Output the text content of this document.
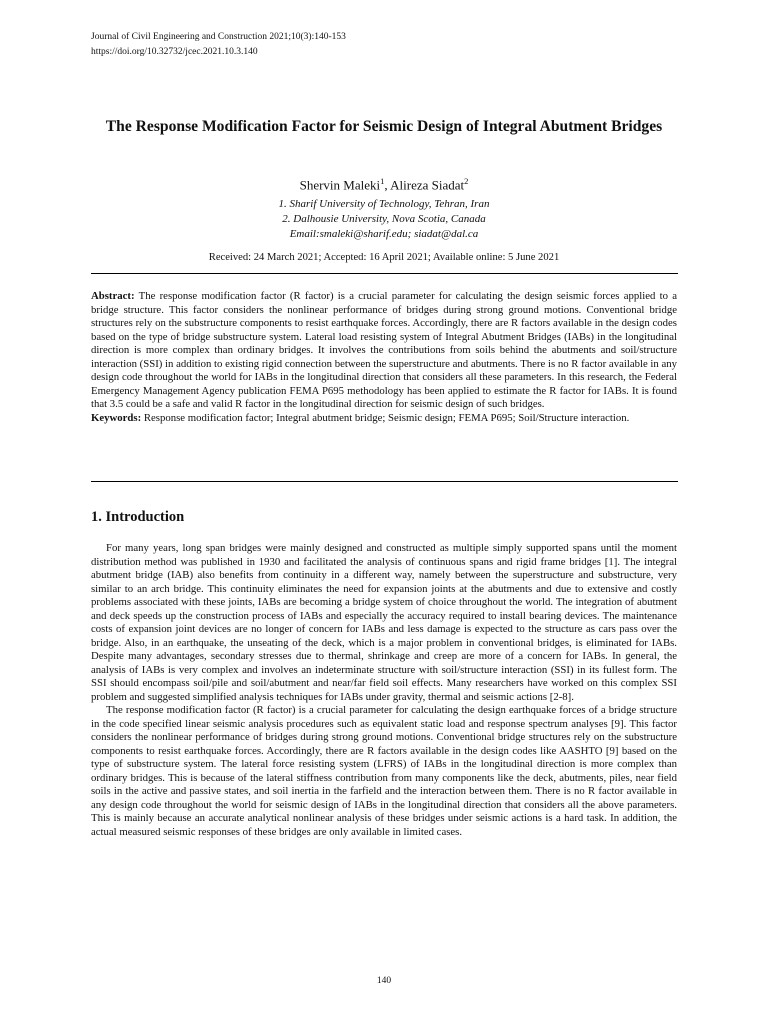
Journal of Civil Engineering and Construction 2021;10(3):140-153
https://doi.org/10.32732/jcec.2021.10.3.140
The Response Modification Factor for Seismic Design of Integral Abutment Bridges
Shervin Maleki$^1$, Alireza Siadat$^2$
1. Sharif University of Technology, Tehran, Iran
2. Dalhousie University, Nova Scotia, Canada
Email:smaleki@sharif.edu; siadat@dal.ca
Received: 24 March 2021; Accepted: 16 April 2021; Available online: 5 June 2021

Abstract: The response modification factor (R factor) is a crucial parameter for calculating the design seismic forces applied to a bridge structure. This factor considers the nonlinear performance of bridges during strong ground motions. Conventional bridge structures rely on the substructure components to resist earthquake forces. Accordingly, there are R factors available in the design codes based on the type of bridge substructure system. Lateral load resisting system of Integral Abutment Bridges (IABs) in the longitudinal direction is more complex than ordinary bridges. It involves the contributions from soils behind the abutments and soil/structure interaction (SSI) in addition to existing rigid connection between the superstructure and abutments. There is no R factor available in any design code throughout the world for IABs in the longitudinal direction that considers all these parameters. In this research, the Federal Emergency Management Agency publication FEMA P695 methodology has been applied to estimate the R factor for IABs. It is found that 3.5 could be a safe and valid R factor in the longitudinal direction for seismic design of such bridges.

Keywords: Response modification factor; Integral abutment bridge; Seismic design; FEMA P695; Soil/Structure interaction.

1. Introduction

For many years, long span bridges were mainly designed and constructed as multiple simply supported spans until the moment distribution method was published in 1930 and facilitated the analysis of continuous spans and rigid frame bridges [1]. The integral abutment bridge (IAB) also benefits from continuity in a different way, namely between the superstructure and substructure, very similar to an arch bridge. This continuity eliminates the need for expansion joints at the abutments and due to extensive and costly problems associated with these joints, IABs are becoming a bridge system of choice throughout the world. The integration of abutment and deck speeds up the construction process of IABs and especially the accuracy required to install bearing devices. The maintenance costs of expansion joint devices are no longer of concern for IABs and less damage is expected to the structure as cars pass over the bridge. Also, in an earthquake, the unseating of the deck, which is a major problem in conventional bridges, is eliminated for IABs. Despite many advantages, secondary stresses due to thermal, shrinkage and creep are more of a concern for IABs. In general, the analysis of IABs is very complex and involves an indeterminate structure with soil/structure interaction (SSI) in its fullest form. The SSI should encompass soil/pile and soil/abutment and near/far field soil effects. Many researchers have worked on this complex SSI problem and suggested simplified analysis techniques for IABs under gravity, thermal and seismic actions [2-8].

The response modification factor (R factor) is a crucial parameter for calculating the design earthquake forces of a bridge structure in the code specified linear seismic analysis procedures such as equivalent static load and response spectrum analyses [9]. This factor considers the nonlinear performance of bridges during strong ground motions. Conventional bridge structures rely on the substructure components to resist earthquake forces. Accordingly, there are R factors available in the design codes like AASHTO [9] based on the type of substructure system. The lateral force resisting system (LFRS) of IABs in the longitudinal direction is more complex than ordinary bridges. This is because of the lateral stiffness contribution from many components like the deck, abutments, piles, near field soils in the active and passive states, and soil inertia in the farfield and the interaction between them. There is no R factor available in any design code throughout the world for seismic design of IABs in the longitudinal direction that considers all the above parameters. This is mainly because an accurate analytical nonlinear analysis of these bridges under seismic actions is a hard task. In addition, the actual measured seismic responses of these bridges are only available in limited cases.

140
